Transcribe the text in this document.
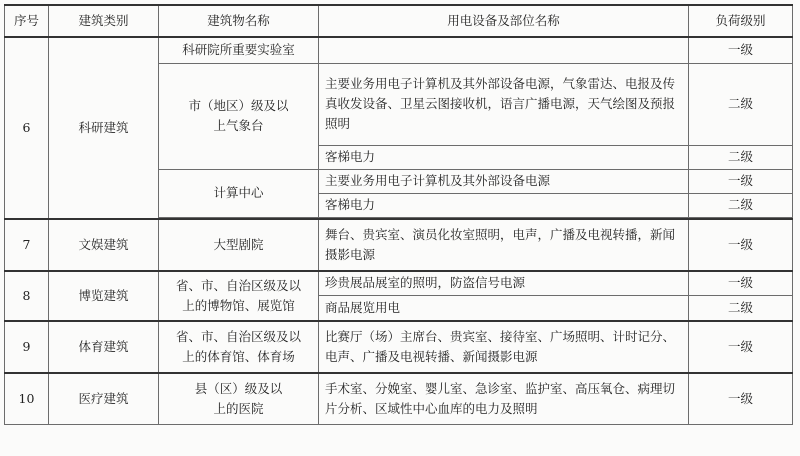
序号	建筑类别	建筑物名称	用电设备及部位名称	负荷级别
6	科研建筑	科研院所重要实验室		一级

		市（地区）级及以上气象台	主要业务用电子计算机及其外部设备电源，气象雷达、电报及传真收发设备、卫星云图接收机，语言广播电源，天气绘图及预报照明	二级
			客梯电力	二级
		计算中心	主要业务用电子计算机及其外部设备电源	一级
			客梯电力	二级

7	文娱建筑	大型剧院	舞台、贵宾室、演员化妆室照明，电声，广播及电视转播，新闻摄影电源	一级
8	博览建筑	省、市、自治区级及以上的博物馆、展览馆	珍贵展品展室的照明，防盗信号电源	一级
			商品展览用电	二级
9	体育建筑	省、市、自治区级及以上的体育馆、体育场	比赛厅（场）主席台、贵宾室、接待室、广场照明、计时记分、电声、广播及电视转播、新闻摄影电源	一级
10	医疗建筑	县（区）级及以上的医院	手术室、分娩室、婴儿室、急诊室、监护室、高压氧仓、病理切片分析、区域性中心血库的电力及照明	一级
